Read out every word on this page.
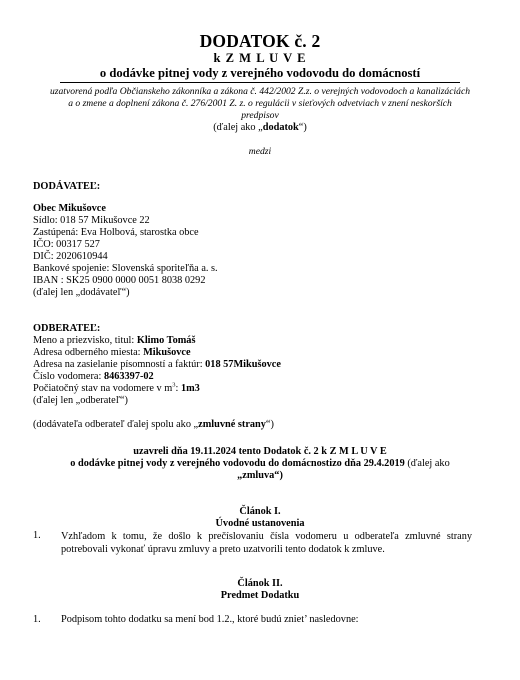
DODATOK č. 2
k Z M L U V E
o dodávke pitnej vody z verejného vodovodu do domácností
uzatvorená podľa Občianskeho zákonníka a zákona č. 442/2002 Z.z. o verejných vodovodoch a kanalizáciách
a o zmene a doplnení zákona č. 276/2001 Z. z. o regulácii v sieťových odvetviach v znení neskorších
predpisov
(ďalej ako „dodatok“)
medzi
DODÁVATEĽ:
Obec Mikušovce
Sídlo: 018 57 Mikušovce 22
Zastúpená: Eva Holbová, starostka obce
IČO: 00317 527
DIČ: 2020610944
Bankové spojenie: Slovenská sporiteľňa a. s.
IBAN : SK25 0900 0000 0051 8038 0292
(ďalej len „dodávateľ“)
ODBERATEĽ:
Meno a priezvisko, titul: Klimo Tomáš
Adresa odberného miesta: Mikušovce
Adresa na zasielanie písomností a faktúr: 018 57Mikušovce
Číslo vodomera: 8463397-02
Počiatočný stav na vodomere v $m^3$: 1m3
(ďalej len „odberateľ“)
(dodávateľa odberateľ ďalej spolu ako „zmluvné strany“)
uzavreli dňa 19.11.2024 tento Dodatok č. 2 k Z M L U V E
o dodávke pitnej vody z verejného vodovodu do domácnostizo dňa 29.4.2019 (ďalej ako
„zmluva“)
Článok I.
Úvodné ustanovenia
1. Vzhľadom k tomu, že došlo k prečíslovaniu čísla vodomeru u odberateľa zmluvné strany potrebovali vykonať úpravu zmluvy a preto uzatvorili tento dodatok k zmluve.
Článok II.
Predmet Dodatku
1. Podpisom tohto dodatku sa mení bod 1.2., ktoré budú zniet’ nasledovne:
